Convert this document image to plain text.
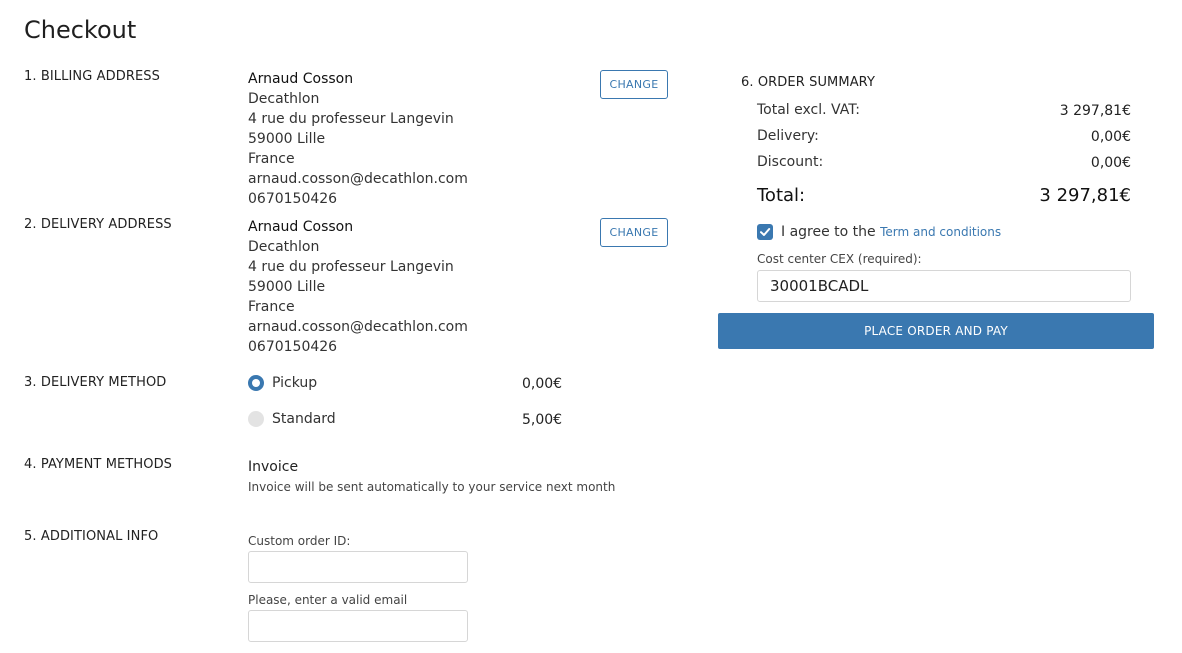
Checkout
1. BILLING ADDRESS	Arnaud Cosson
Decathlon
4 rue du professeur Langevin
59000 Lille
France
arnaud.cosson@decathlon.com
0670150426
CHANGE
2. DELIVERY ADDRESS	Arnaud Cosson
Decathlon
4 rue du professeur Langevin
59000 Lille
France
arnaud.cosson@decathlon.com
0670150426
CHANGE
3. DELIVERY METHOD	Pickup	0,00€
Standard	5,00€
4. PAYMENT METHODS	Invoice
Invoice will be sent automatically to your service next month
5. ADDITIONAL INFO	Custom order ID:
Please, enter a valid email
6. ORDER SUMMARY
Total excl. VAT:	3 297,81€
Delivery:	0,00€
Discount:	0,00€
Total:	3 297,81€
I agree to the Term and conditions
Cost center CEX (required):
30001BCADL
PLACE ORDER AND PAY
